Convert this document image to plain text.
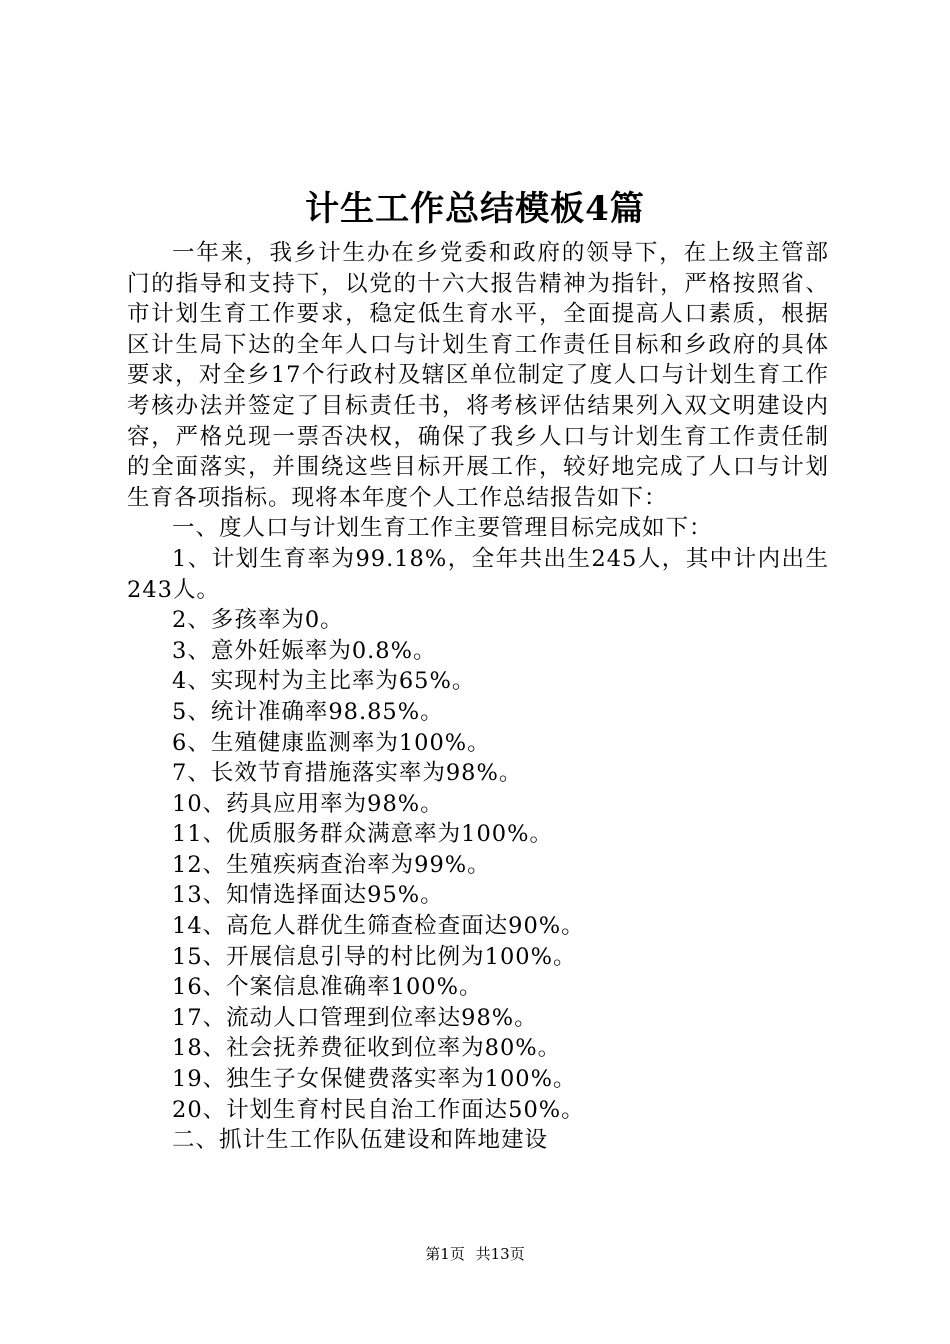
计生工作总结模板4篇

一年来，我乡计生办在乡党委和政府的领导下，在上级主管部门的指导和支持下，以党的十六大报告精神为指针，严格按照省、市计划生育工作要求，稳定低生育水平，全面提高人口素质，根据区计生局下达的全年人口与计划生育工作责任目标和乡政府的具体要求，对全乡17个行政村及辖区单位制定了度人口与计划生育工作考核办法并签定了目标责任书，将考核评估结果列入双文明建设内容，严格兑现一票否决权，确保了我乡人口与计划生育工作责任制的全面落实，并围绕这些目标开展工作，较好地完成了人口与计划生育各项指标。现将本年度个人工作总结报告如下：

一、度人口与计划生育工作主要管理目标完成如下：

1、计划生育率为99.18%，全年共出生245人，其中计内出生243人。

2、多孩率为0。

3、意外妊娠率为0.8%。

4、实现村为主比率为65%。

5、统计准确率98.85%。

6、生殖健康监测率为100%。

7、长效节育措施落实率为98%。

10、药具应用率为98%。

11、优质服务群众满意率为100%。

12、生殖疾病查治率为99%。

13、知情选择面达95%。

14、高危人群优生筛查检查面达90%。

15、开展信息引导的村比例为100%。

16、个案信息准确率100%。

17、流动人口管理到位率达98%。

18、社会抚养费征收到位率为80%。

19、独生子女保健费落实率为100%。

20、计划生育村民自治工作面达50%。

二、抓计生工作队伍建设和阵地建设

第1页 共13页
